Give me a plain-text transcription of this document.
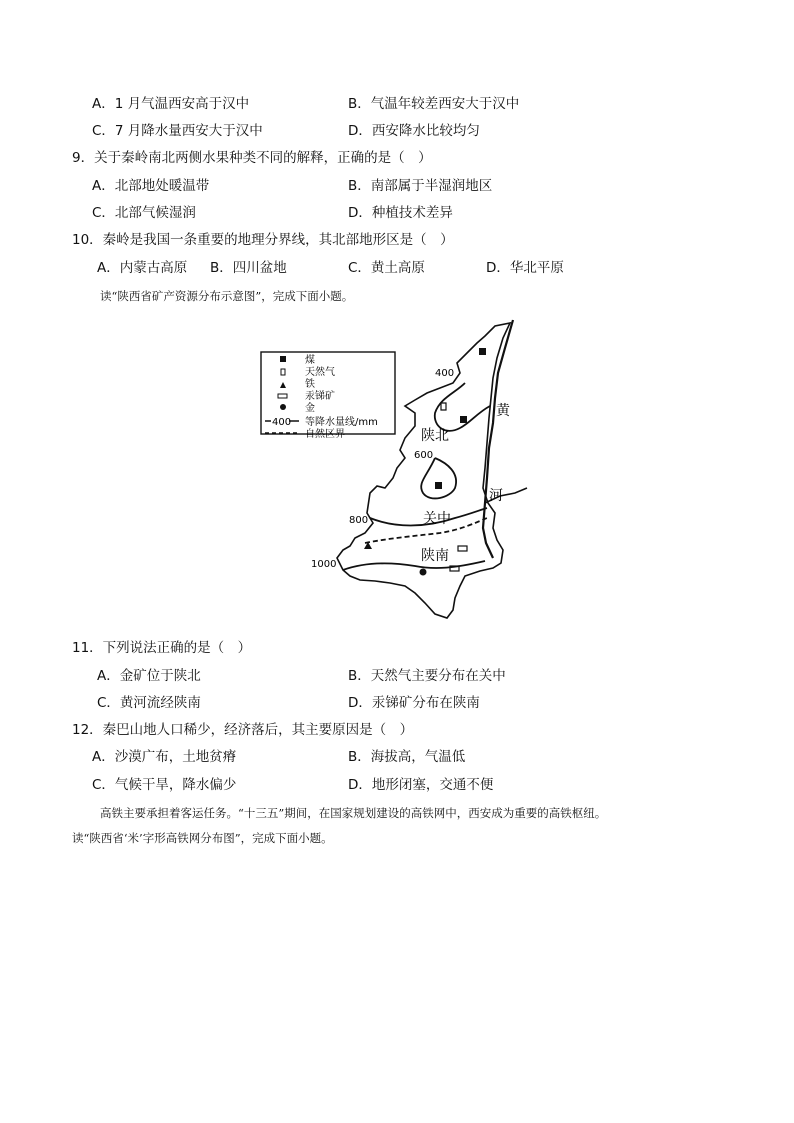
A．1 月气温西安高于汉中	B．气温年较差西安大于汉中
C．7 月降水量西安大于汉中	D．西安降水比较均匀
9．关于秦岭南北两侧水果种类不同的解释，正确的是（　）
A．北部地处暖温带	B．南部属于半湿润地区
C．北部气候湿润	D．种植技术差异
10．秦岭是我国一条重要的地理分界线，其北部地形区是（　）
A．内蒙古高原 B．四川盆地	C．黄土高原	D．华北平原
读“陕西省矿产资源分布示意图”，完成下面小题。
煤
天然气
铁
汞锑矿
金
400 等降水量线/mm
自然区界	陕北
关中
陕南
黄
河
400
600
800
1000
11．下列说法正确的是（　）
A．金矿位于陕北	B．天然气主要分布在关中
C．黄河流经陕南	D．汞锑矿分布在陕南
12．秦巴山地人口稀少，经济落后，其主要原因是（　）
A．沙漠广布，土地贫瘠	B．海拔高，气温低
C．气候干旱，降水偏少	D．地形闭塞，交通不便
高铁主要承担着客运任务。“十三五”期间，在国家规划建设的高铁网中，西安成为重要的高铁枢纽。
读“陕西省‘米’字形高铁网分布图”，完成下面小题。
